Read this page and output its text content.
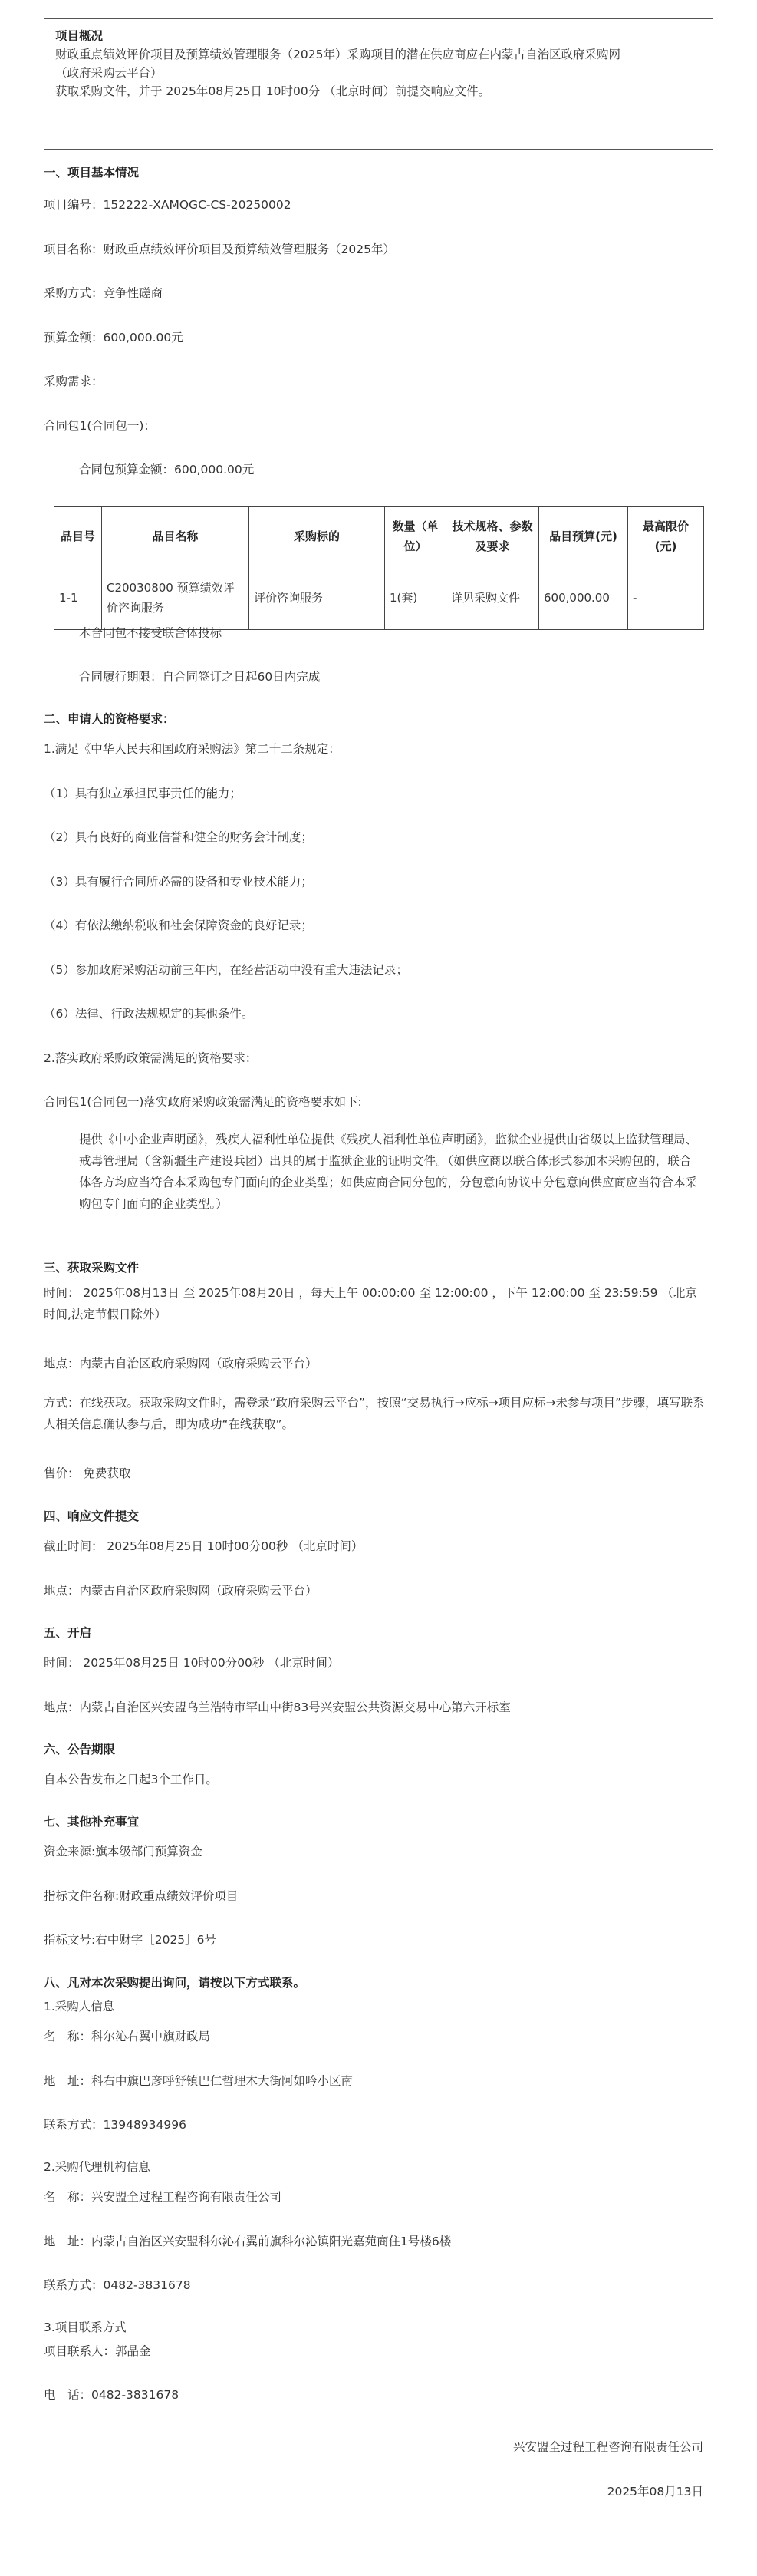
项目概况
财政重点绩效评价项目及预算绩效管理服务（2025年）采购项目的潜在供应商应在内蒙古自治区政府采购网
（政府采购云平台）
获取采购文件，并于 2025年08月25日 10时00分 （北京时间）前提交响应文件。
一、项目基本情况
项目编号：152222-XAMQGC-CS-20250002
项目名称：财政重点绩效评价项目及预算绩效管理服务（2025年）
采购方式：竞争性磋商
预算金额：600,000.00元
采购需求：
合同包1(合同包一)：
合同包预算金额：600,000.00元
品目号	品目名称	采购标的	数量（单位）	技术规格、参数及要求	品目预算(元)	最高限价(元)
1-1	C20030800 预算绩效评价咨询服务	评价咨询服务	1(套)	详见采购文件	600,000.00	-
本合同包不接受联合体投标
合同履行期限：自合同签订之日起60日内完成
二、申请人的资格要求：
1.满足《中华人民共和国政府采购法》第二十二条规定：
（1）具有独立承担民事责任的能力；
（2）具有良好的商业信誉和健全的财务会计制度；
（3）具有履行合同所必需的设备和专业技术能力；
（4）有依法缴纳税收和社会保障资金的良好记录；
（5）参加政府采购活动前三年内，在经营活动中没有重大违法记录；
（6）法律、行政法规规定的其他条件。
2.落实政府采购政策需满足的资格要求：
合同包1(合同包一)落实政府采购政策需满足的资格要求如下:
提供《中小企业声明函》，残疾人福利性单位提供《残疾人福利性单位声明函》，监狱企业提供由省级以上监狱管理局、戒毒管理局（含新疆生产建设兵团）出具的属于监狱企业的证明文件。（如供应商以联合体形式参加本采购包的，联合体各方均应当符合本采购包专门面向的企业类型；如供应商合同分包的，分包意向协议中分包意向供应商应当符合本采购包专门面向的企业类型。）
三、获取采购文件
时间： 2025年08月13日 至 2025年08月20日 ，每天上午 00:00:00 至 12:00:00 ，下午 12:00:00 至 23:59:59 （北京时间,法定节假日除外）
地点：内蒙古自治区政府采购网（政府采购云平台）
方式：在线获取。获取采购文件时，需登录“政府采购云平台”，按照“交易执行→应标→项目应标→未参与项目”步骤，填写联系人相关信息确认参与后，即为成功“在线获取”。
售价： 免费获取
四、响应文件提交
截止时间： 2025年08月25日 10时00分00秒 （北京时间）
地点：内蒙古自治区政府采购网（政府采购云平台）
五、开启
时间： 2025年08月25日 10时00分00秒 （北京时间）
地点：内蒙古自治区兴安盟乌兰浩特市罕山中街83号兴安盟公共资源交易中心第六开标室
六、公告期限
自本公告发布之日起3个工作日。
七、其他补充事宜
资金来源:旗本级部门预算资金
指标文件名称:财政重点绩效评价项目
指标文号:右中财字［2025］6号
八、凡对本次采购提出询问，请按以下方式联系。
1.采购人信息
名　称：科尔沁右翼中旗财政局
地　址：科右中旗巴彦呼舒镇巴仁哲理木大街阿如吟小区南
联系方式：13948934996
2.采购代理机构信息
名　称：兴安盟全过程工程咨询有限责任公司
地　址：内蒙古自治区兴安盟科尔沁右翼前旗科尔沁镇阳光嘉苑商住1号楼6楼
联系方式：0482-3831678
3.项目联系方式
项目联系人：郭晶金
电　话：0482-3831678
兴安盟全过程工程咨询有限责任公司
2025年08月13日
